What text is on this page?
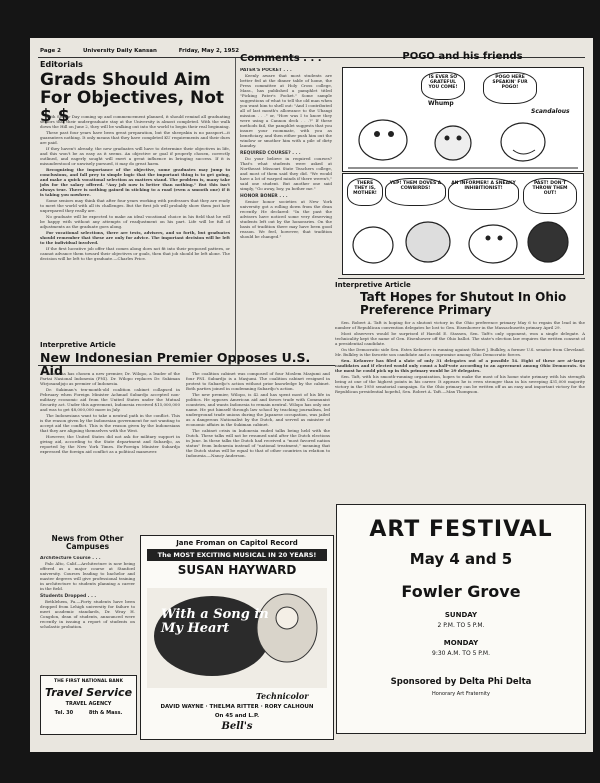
Page 2	University Daily Kansan	Friday, May 2, 1952
Editorials
Grads Should Aim For Objectives, Not $ $

With Senior Day coming up and commencement planned, it should remind all graduating seniors that their undergraduate stay at the University is almost completed. With the walk down the Hill on June 2, they will be walking out into the world to begin their real beginning.

These past four years have been great preparation, but the sheepskin is no passport—it guarantees nothing. It only means that they have completed KU requirements and their dues are paid.

If they haven't already, the new graduates will have to determine their objectives in life, and this won't be as easy as it seems. An objective or goal if properly chosen, correctly outlined, and eagerly sought will exert a great influence in bringing success. If it is misunderstood or unwisely pursued, it may do great harm.

Recognizing the importance of the objective, some graduates may jump to conclusions, and fall prey to simple logic that the important thing is to get going, and make a quick vocational selection as matters stand. The problem is, many take jobs for the salary offered. "Any job now is better than nothing." But this isn't always true. There is nothing gained in sticking to a road (even a smooth one) if it is taking you nowhere.

Some seniors may think that after four years working with professors that they are ready to meet the world with all its challenges. But the first job will probably show them just how unprepared they really are.

No graduate will be expected to make an ideal vocational choice in his field that he will be happy with without any attempts of readjustment on his part. Life will be full of adjustments as the graduate goes along.

For vocational selections, there are tests, advisers, and so forth, but graduates should remember that these are only for advice. The important decision will be left to the individual involved.

If the first lucrative job offer that comes along does not fit into their proposed pattern, or cannot advance them toward their objectives or goals, then that job should be left alone. The decision will be left to the graduate.—Charles Price.

Comments . . .
PATER'S POCKET . . .

Keenly aware that most students are better fed at the dinner table of home, the Press committee at Holy Cross college, Mass., has published a pamphlet titled "Picking Pater's Pocket." Some sample suggestions of what to tell the old man when you want him to shell out: "And I contributed all of last month's allowance to the Ubangi mission . . ." or, "How was I to know they were using a Cannon deck . . .?" If these methods fail, the pamphlet suggests that you insure your roommate, with you as beneficiary, and then either push him out the window or smother him with a pile of dirty laundry.

REQUIRED COURSE? . . .

Do your believe in required courses? That's what students were asked at Northeast Missouri State Teachers college, and most of them said they did. "We would have a lot of warped minds if there weren't," said one student. But another one said simply, "Go away, boy, ya bother me."

HONOR BONER . . .

Senior honor societies at New York university got a rolling down from the dean recently. He declared: "In the past the advisers have noticed some very deserving students left out by the honoraries. On the basis of tradition there may have been good reason. We feel, however, that tradition should be changed."

POGO and his friends
IS EVER SO GRATEFUL YOU COME!
POGO HERE SPEAKIN' FUR POGO!
Whump
Scandalous
THERE THEY IS, MOTHER!
YEP! THEM DOVES A COWBIRDS!
AN INFORMER! A SNEAKY INHIBITIONIST!
PAST! DON'T THROW THEM OUT!
Interpretive Article
Taft Hopes for Shutout In Ohio Preference Primary

Sen. Robert A. Taft is hoping for a shutout victory in the Ohio preference primary May 6 to regain the lead in the number of Republican convention delegates he lost to Gen. Eisenhower in the Massachusetts primary April 29.

Most observers would be surprised if Harold E. Stassen, Sen. Taft's only opponent, won a single delegate. A technicality kept the name of Gen. Eisenhower off the Ohio ballot. The state's election law requires the written consent of a presidential candidate.

On the Democratic side Sen. Estes Kefauver is running against Robert J. Bulkley, a former U.S. senator from Cleveland. Mr. Bulkley is the favorite son candidate and a compromise among Ohio Democratic forces.

Sen. Kefauver has filed a slate of only 31 delegates out of a possible 54. Eight of these are at-large candidates and if elected would only count a half-vote according to an agreement among Ohio Democrats. So the most he could pick up in this primary would be 29 delegates.

Sen. Taft, with his smooth-running organization, hopes to make the most of his home state primary with his strength being at one of the highest points in his career. It appears he is even stronger than in his sweeping 431,000 majority victory in the 1950 senatorial campaign. So the Ohio primary can be written off as an easy and important victory for the Republican presidential hopeful, Sen. Robert A. Taft.—Max Thompson.

Interpretive Article
New Indonesian Premier Opposes U.S. Aid

Indonesia has chosen a new premier, Dr. Wilopo, a leader of the Partai Nasional Indonesia (PNI). Dr. Wilopo replaces Dr. Sukiman Wirjosandjojo as premier of Indonesia.

Dr. Sukiman's ten-month-old coalition cabinet collapsed in February when Foreign Minister Achmad Subardjo accepted non-military economic aid from the United States under the Mutual Security act. Under this agreement, Indonesia received $15,000,000 and was to get $8,000,000 more in July.

The Indonesians want to take a neutral path in the conflict. This is the reason given by the Indonesian government for not wanting to accept aid the conflict. This is the reason given by the Indonesians that they are aligning themselves with the West.

However, the United States did not ask for military support in giving aid, according to the State department and Subardjo, as reported by the New York Times. Ex-Foreign Minister Subardjo expressed the foreign aid conflict as a political maneuver.

The coalition cabinet was composed of four Moslem Masjumi and four PNI. Subardjo is a Masjumi. The coalition cabinet resigned in protest to Subardjo's action without prior knowledge by the cabinet. Both parties joined in condemning Subardjo's action.

The new premier, Wilopo, is 42 and has spent most of his life in politics. He opposes American aid and favors trade with Communist countries, and wants Indonesia to remain neutral. Wilopo has only one name. He put himself through law school by teaching journalism, led underground trade unions during the Japanese occupation, was jailed as a dangerous Nationalist by the Dutch, and served as minister of economic affairs in the Sukiman cabinet.

The cabinet crisis in Indonesia ended talks being held with the Dutch. These talks will not be resumed until after the Dutch elections in June. In these talks the Dutch had received a "most favored nation status" from Indonesia instead of "national treatment," meaning that the Dutch status will be equal to that of other countries in relation to Indonesia.—Nancy Anderson.

News from Other Campuses
Architecture Course . . .

Palo Alto, Calif.—Architecture is now being offered as a major course at Stanford university. Courses leading to bachelor and master degrees will give professional training in architecture to students planning a career in the field.

Students Dropped . . .

Bethlehem, Pa.—Forty students have been dropped from Lehigh university for failure to meet academic standards, Dr. Wray H. Congdon, dean of students, announced were recently in issuing a report of students on scholastic probation.

THE FIRST NATIONAL BANK
Travel Service
TRAVEL AGENCY
Tel. 30	8th & Mass.
Jane Froman on Capitol Record
The MOST EXCITING MUSICAL IN 20 YEARS!
SUSAN HAYWARD
With a Song in My Heart
Technicolor
DAVID WAYNE · THELMA RITTER · RORY CALHOUN
On 45 and L.P.
Bell's
ART FESTIVAL
May 4 and 5
Fowler Grove
SUNDAY
2 P.M. TO 5 P.M.
MONDAY
9:30 A.M. TO 5 P.M.
Sponsored by Delta Phi Delta
Honorary Art Fraternity
